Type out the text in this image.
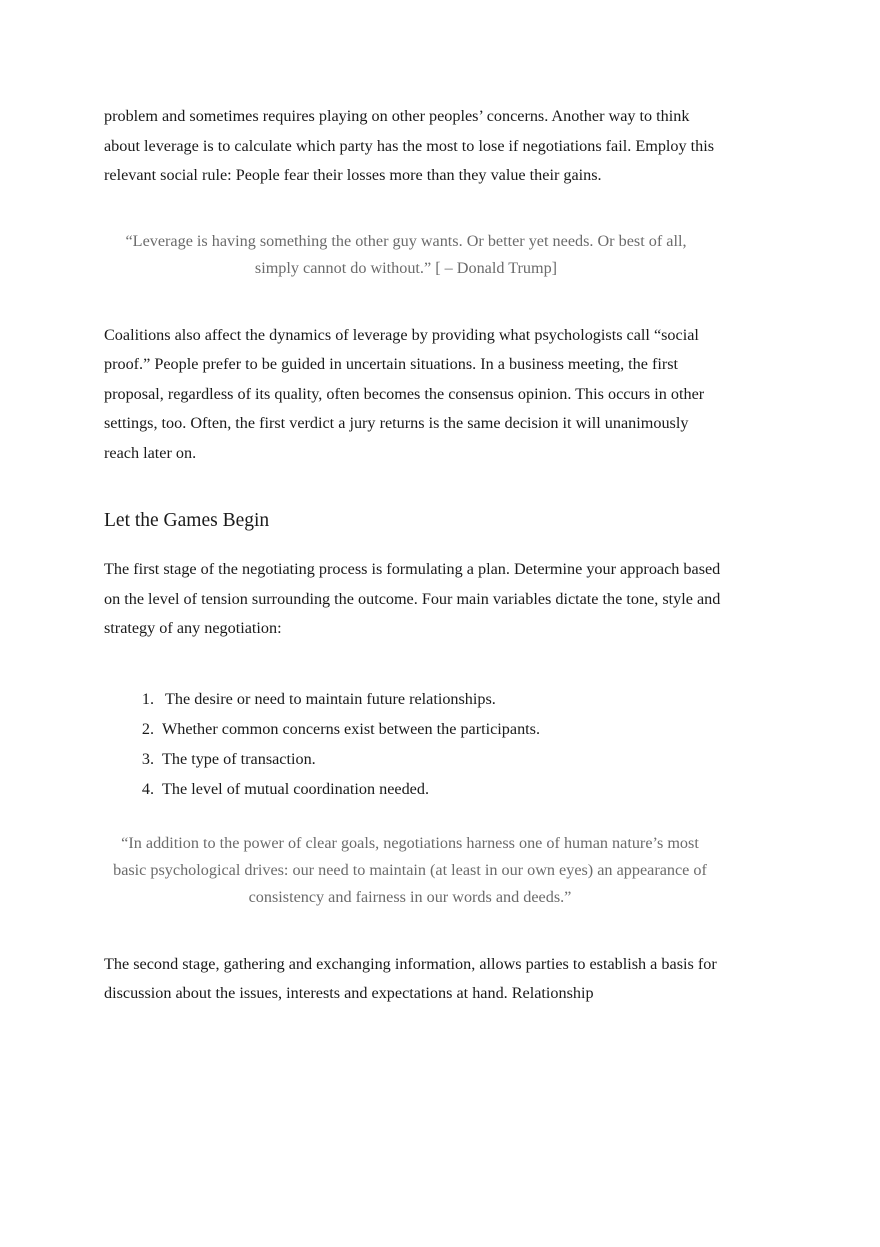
problem and sometimes requires playing on other peoples’ concerns. Another way to think about leverage is to calculate which party has the most to lose if negotiations fail. Employ this relevant social rule: People fear their losses more than they value their gains.

“Leverage is having something the other guy wants. Or better yet needs. Or best of all, simply cannot do without.” [ – Donald Trump]

Coalitions also affect the dynamics of leverage by providing what psychologists call “social proof.” People prefer to be guided in uncertain situations. In a business meeting, the first proposal, regardless of its quality, often becomes the consensus opinion. This occurs in other settings, too. Often, the first verdict a jury returns is the same decision it will unanimously reach later on.

Let the Games Begin

The first stage of the negotiating process is formulating a plan. Determine your approach based on the level of tension surrounding the outcome. Four main variables dictate the tone, style and strategy of any negotiation:

1. The desire or need to maintain future relationships.
2. Whether common concerns exist between the participants.
3. The type of transaction.
4. The level of mutual coordination needed.

“In addition to the power of clear goals, negotiations harness one of human nature’s most basic psychological drives: our need to maintain (at least in our own eyes) an appearance of consistency and fairness in our words and deeds.”

The second stage, gathering and exchanging information, allows parties to establish a basis for discussion about the issues, interests and expectations at hand. Relationship
